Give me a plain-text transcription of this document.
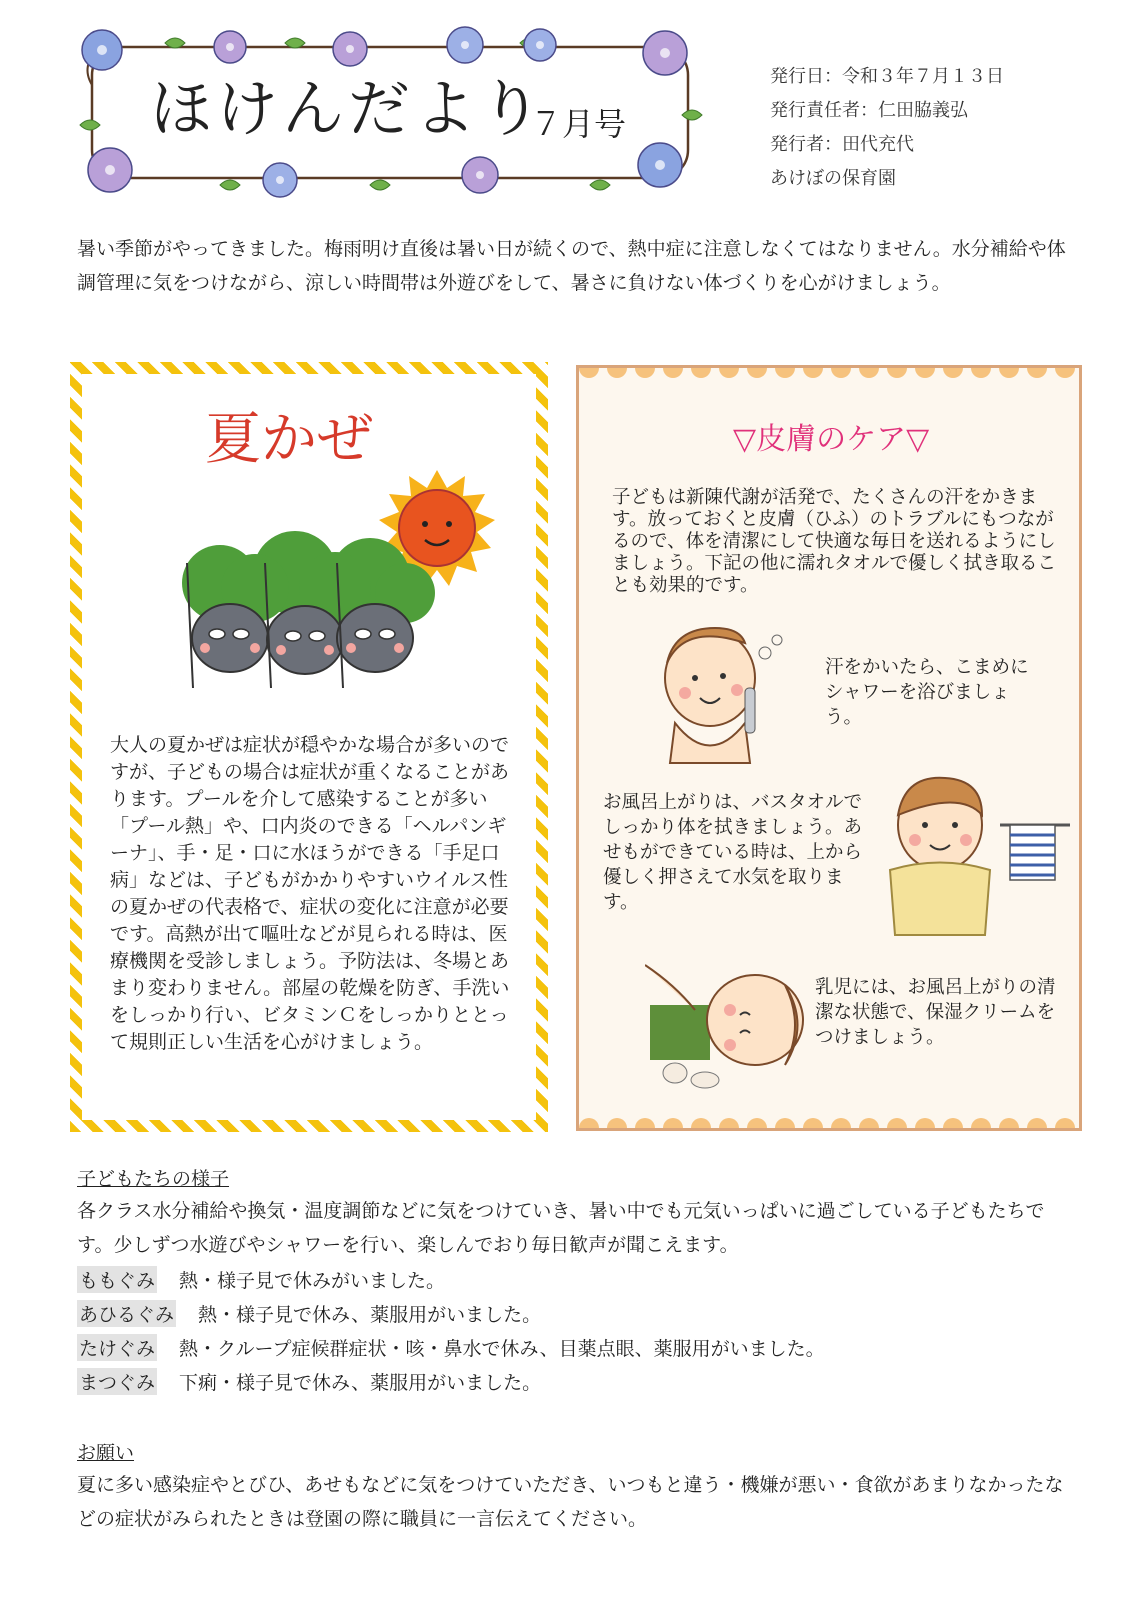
ほけんだより
７月号
発行日：令和３年７月１３日
発行責任者：仁田脇義弘
発行者：田代充代
あけぼの保育園
暑い季節がやってきました。梅雨明け直後は暑い日が続くので、熱中症に注意しなくてはなりません。水分補給や体調管理に気をつけながら、涼しい時間帯は外遊びをして、暑さに負けない体づくりを心がけましょう。
夏かぜ
大人の夏かぜは症状が穏やかな場合が多いのですが、子どもの場合は症状が重くなることがあります。プールを介して感染することが多い「プール熱」や、口内炎のできる「ヘルパンギーナ」、手・足・口に水ほうができる「手足口病」などは、子どもがかかりやすいウイルス性の夏かぜの代表格で、症状の変化に注意が必要です。高熱が出て嘔吐などが見られる時は、医療機関を受診しましょう。予防法は、冬場とあまり変わりません。部屋の乾燥を防ぎ、手洗いをしっかり行い、ビタミンＣをしっかりととって規則正しい生活を心がけましょう。
▽皮膚のケア▽
子どもは新陳代謝が活発で、たくさんの汗をかきます。放っておくと皮膚（ひふ）のトラブルにもつながるので、体を清潔にして快適な毎日を送れるようにしましょう。下記の他に濡れタオルで優しく拭き取ることも効果的です。
汗をかいたら、こまめにシャワーを浴びましょう。
お風呂上がりは、バスタオルでしっかり体を拭きましょう。あせもができている時は、上から優しく押さえて水気を取ります。
乳児には、お風呂上がりの清潔な状態で、保湿クリームをつけましょう。
子どもたちの様子
各クラス水分補給や換気・温度調節などに気をつけていき、暑い中でも元気いっぱいに過ごしている子どもたちです。少しずつ水遊びやシャワーを行い、楽しんでおり毎日歓声が聞こえます。
ももぐみ 熱・様子見で休みがいました。
あひるぐみ 熱・様子見で休み、薬服用がいました。
たけぐみ 熱・クループ症候群症状・咳・鼻水で休み、目薬点眼、薬服用がいました。
まつぐみ 下痢・様子見で休み、薬服用がいました。
お願い
夏に多い感染症やとびひ、あせもなどに気をつけていただき、いつもと違う・機嫌が悪い・食欲があまりなかったなどの症状がみられたときは登園の際に職員に一言伝えてください。
